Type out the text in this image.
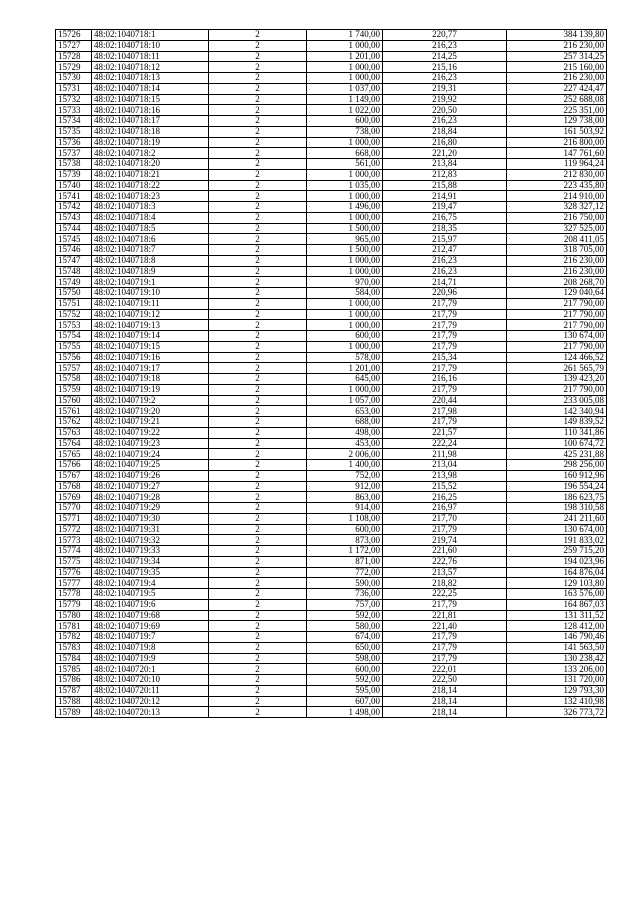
15726	48:02:1040718:1	2	1 740,00	220,77	384 139,80
15727	48:02:1040718:10	2	1 000,00	216,23	216 230,00
15728	48:02:1040718:11	2	1 201,00	214,25	257 314,25
15729	48:02:1040718:12	2	1 000,00	215,16	215 160,00
15730	48:02:1040718:13	2	1 000,00	216,23	216 230,00
15731	48:02:1040718:14	2	1 037,00	219,31	227 424,47
15732	48:02:1040718:15	2	1 149,00	219,92	252 688,08
15733	48:02:1040718:16	2	1 022,00	220,50	225 351,00
15734	48:02:1040718:17	2	600,00	216,23	129 738,00
15735	48:02:1040718:18	2	738,00	218,84	161 503,92
15736	48:02:1040718:19	2	1 000,00	216,80	216 800,00
15737	48:02:1040718:2	2	668,00	221,20	147 761,60
15738	48:02:1040718:20	2	561,00	213,84	119 964,24
15739	48:02:1040718:21	2	1 000,00	212,83	212 830,00
15740	48:02:1040718:22	2	1 035,00	215,88	223 435,80
15741	48:02:1040718:23	2	1 000,00	214,91	214 910,00
15742	48:02:1040718:3	2	1 496,00	219,47	328 327,12
15743	48:02:1040718:4	2	1 000,00	216,75	216 750,00
15744	48:02:1040718:5	2	1 500,00	218,35	327 525,00
15745	48:02:1040718:6	2	965,00	215,97	208 411,05
15746	48:02:1040718:7	2	1 500,00	212,47	318 705,00
15747	48:02:1040718:8	2	1 000,00	216,23	216 230,00
15748	48:02:1040718:9	2	1 000,00	216,23	216 230,00
15749	48:02:1040719:1	2	970,00	214,71	208 268,70
15750	48:02:1040719:10	2	584,00	220,96	129 040,64
15751	48:02:1040719:11	2	1 000,00	217,79	217 790,00
15752	48:02:1040719:12	2	1 000,00	217,79	217 790,00
15753	48:02:1040719:13	2	1 000,00	217,79	217 790,00
15754	48:02:1040719:14	2	600,00	217,79	130 674,00
15755	48:02:1040719:15	2	1 000,00	217,79	217 790,00
15756	48:02:1040719:16	2	578,00	215,34	124 466,52
15757	48:02:1040719:17	2	1 201,00	217,79	261 565,79
15758	48:02:1040719:18	2	645,00	216,16	139 423,20
15759	48:02:1040719:19	2	1 000,00	217,79	217 790,00
15760	48:02:1040719:2	2	1 057,00	220,44	233 005,08
15761	48:02:1040719:20	2	653,00	217,98	142 340,94
15762	48:02:1040719:21	2	688,00	217,79	149 839,52
15763	48:02:1040719:22	2	498,00	221,57	110 341,86
15764	48:02:1040719:23	2	453,00	222,24	100 674,72
15765	48:02:1040719:24	2	2 006,00	211,98	425 231,88
15766	48:02:1040719:25	2	1 400,00	213,04	298 256,00
15767	48:02:1040719:26	2	752,00	213,98	160 912,96
15768	48:02:1040719:27	2	912,00	215,52	196 554,24
15769	48:02:1040719:28	2	863,00	216,25	186 623,75
15770	48:02:1040719:29	2	914,00	216,97	198 310,58
15771	48:02:1040719:30	2	1 108,00	217,70	241 211,60
15772	48:02:1040719:31	2	600,00	217,79	130 674,00
15773	48:02:1040719:32	2	873,00	219,74	191 833,02
15774	48:02:1040719:33	2	1 172,00	221,60	259 715,20
15775	48:02:1040719:34	2	871,00	222,76	194 023,96
15776	48:02:1040719:35	2	772,00	213,57	164 876,04
15777	48:02:1040719:4	2	590,00	218,82	129 103,80
15778	48:02:1040719:5	2	736,00	222,25	163 576,00
15779	48:02:1040719:6	2	757,00	217,79	164 867,03
15780	48:02:1040719:68	2	592,00	221,81	131 311,52
15781	48:02:1040719:69	2	580,00	221,40	128 412,00
15782	48:02:1040719:7	2	674,00	217,79	146 790,46
15783	48:02:1040719:8	2	650,00	217,79	141 563,50
15784	48:02:1040719:9	2	598,00	217,79	130 238,42
15785	48:02:1040720:1	2	600,00	222,01	133 206,00
15786	48:02:1040720:10	2	592,00	222,50	131 720,00
15787	48:02:1040720:11	2	595,00	218,14	129 793,30
15788	48:02:1040720:12	2	607,00	218,14	132 410,98
15789	48:02:1040720:13	2	1 498,00	218,14	326 773,72
